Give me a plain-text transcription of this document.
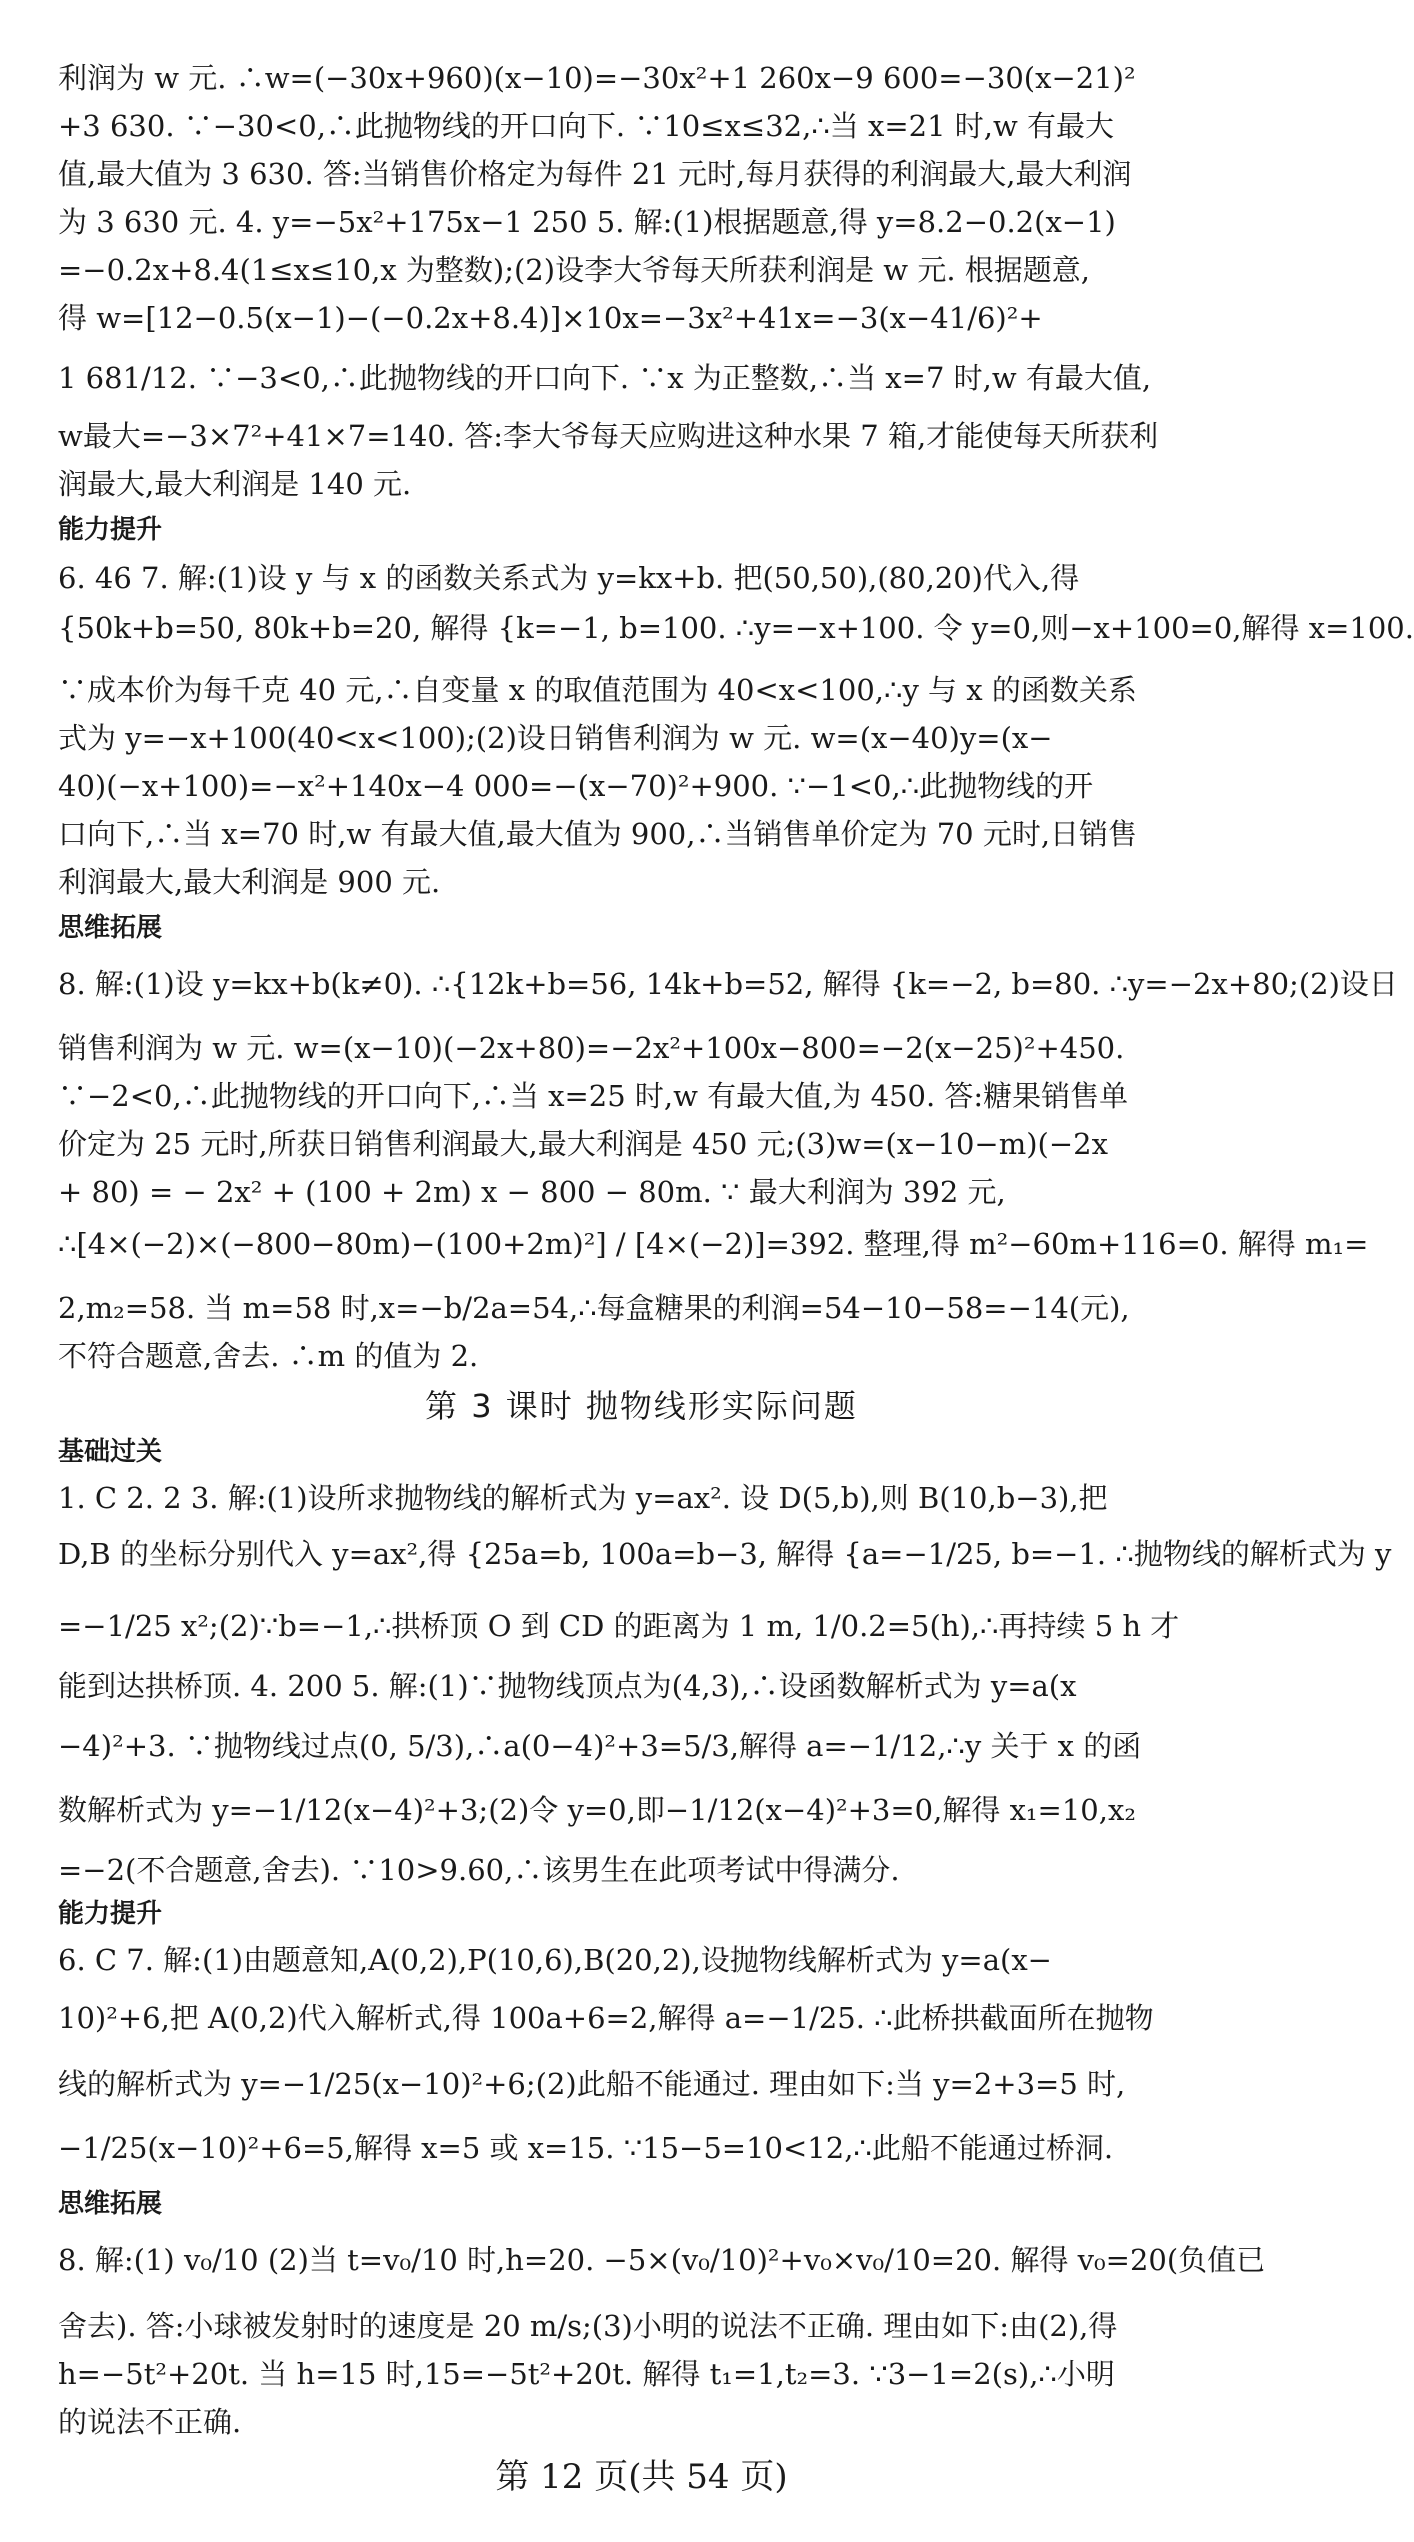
利润为 w 元. ∴w=(−30x+960)(x−10)=−30x²+1 260x−9 600=−30(x−21)²
+3 630. ∵−30<0,∴此抛物线的开口向下. ∵10≤x≤32,∴当 x=21 时,w 有最大
值,最大值为 3 630. 答:当销售价格定为每件 21 元时,每月获得的利润最大,最大利润
为 3 630 元. 4. y=−5x²+175x−1 250 5. 解:(1)根据题意,得 y=8.2−0.2(x−1)
=−0.2x+8.4(1≤x≤10,x 为整数);(2)设李大爷每天所获利润是 w 元. 根据题意,
得 w=[12−0.5(x−1)−(−0.2x+8.4)]×10x=−3x²+41x=−3(x−41/6)²+
1 681/12. ∵−3<0,∴此抛物线的开口向下. ∵x 为正整数,∴当 x=7 时,w 有最大值,
w最大=−3×7²+41×7=140. 答:李大爷每天应购进这种水果 7 箱,才能使每天所获利
润最大,最大利润是 140 元.
能力提升
6. 46 7. 解:(1)设 y 与 x 的函数关系式为 y=kx+b. 把(50,50),(80,20)代入,得
{50k+b=50, 80k+b=20, 解得 {k=−1, b=100. ∴y=−x+100. 令 y=0,则−x+100=0,解得 x=100.
∵成本价为每千克 40 元,∴自变量 x 的取值范围为 40<x<100,∴y 与 x 的函数关系
式为 y=−x+100(40<x<100);(2)设日销售利润为 w 元. w=(x−40)y=(x−
40)(−x+100)=−x²+140x−4 000=−(x−70)²+900. ∵−1<0,∴此抛物线的开
口向下,∴当 x=70 时,w 有最大值,最大值为 900,∴当销售单价定为 70 元时,日销售
利润最大,最大利润是 900 元.
思维拓展
8. 解:(1)设 y=kx+b(k≠0). ∴{12k+b=56, 14k+b=52, 解得 {k=−2, b=80. ∴y=−2x+80;(2)设日
销售利润为 w 元. w=(x−10)(−2x+80)=−2x²+100x−800=−2(x−25)²+450.
∵−2<0,∴此抛物线的开口向下,∴当 x=25 时,w 有最大值,为 450. 答:糖果销售单
价定为 25 元时,所获日销售利润最大,最大利润是 450 元;(3)w=(x−10−m)(−2x
+ 80) = − 2x² + (100 + 2m) x − 800 − 80m. ∵ 最大利润为 392 元,
∴[4×(−2)×(−800−80m)−(100+2m)²] / [4×(−2)]=392. 整理,得 m²−60m+116=0. 解得 m₁=
2,m₂=58. 当 m=58 时,x=−b/2a=54,∴每盒糖果的利润=54−10−58=−14(元),
不符合题意,舍去. ∴m 的值为 2.
第 3 课时 抛物线形实际问题
基础过关
1. C 2. 2 3. 解:(1)设所求抛物线的解析式为 y=ax². 设 D(5,b),则 B(10,b−3),把
D,B 的坐标分别代入 y=ax²,得 {25a=b, 100a=b−3, 解得 {a=−1/25, b=−1. ∴抛物线的解析式为 y
=−1/25 x²;(2)∵b=−1,∴拱桥顶 O 到 CD 的距离为 1 m, 1/0.2=5(h),∴再持续 5 h 才
能到达拱桥顶. 4. 200 5. 解:(1)∵抛物线顶点为(4,3),∴设函数解析式为 y=a(x
−4)²+3. ∵抛物线过点(0, 5/3),∴a(0−4)²+3=5/3,解得 a=−1/12,∴y 关于 x 的函
数解析式为 y=−1/12(x−4)²+3;(2)令 y=0,即−1/12(x−4)²+3=0,解得 x₁=10,x₂
=−2(不合题意,舍去). ∵10>9.60,∴该男生在此项考试中得满分.
能力提升
6. C 7. 解:(1)由题意知,A(0,2),P(10,6),B(20,2),设抛物线解析式为 y=a(x−
10)²+6,把 A(0,2)代入解析式,得 100a+6=2,解得 a=−1/25. ∴此桥拱截面所在抛物
线的解析式为 y=−1/25(x−10)²+6;(2)此船不能通过. 理由如下:当 y=2+3=5 时,
−1/25(x−10)²+6=5,解得 x=5 或 x=15. ∵15−5=10<12,∴此船不能通过桥洞.
思维拓展
8. 解:(1) v₀/10 (2)当 t=v₀/10 时,h=20. −5×(v₀/10)²+v₀×v₀/10=20. 解得 v₀=20(负值已
舍去). 答:小球被发射时的速度是 20 m/s;(3)小明的说法不正确. 理由如下:由(2),得
h=−5t²+20t. 当 h=15 时,15=−5t²+20t. 解得 t₁=1,t₂=3. ∵3−1=2(s),∴小明
的说法不正确.
第 12 页(共 54 页)
